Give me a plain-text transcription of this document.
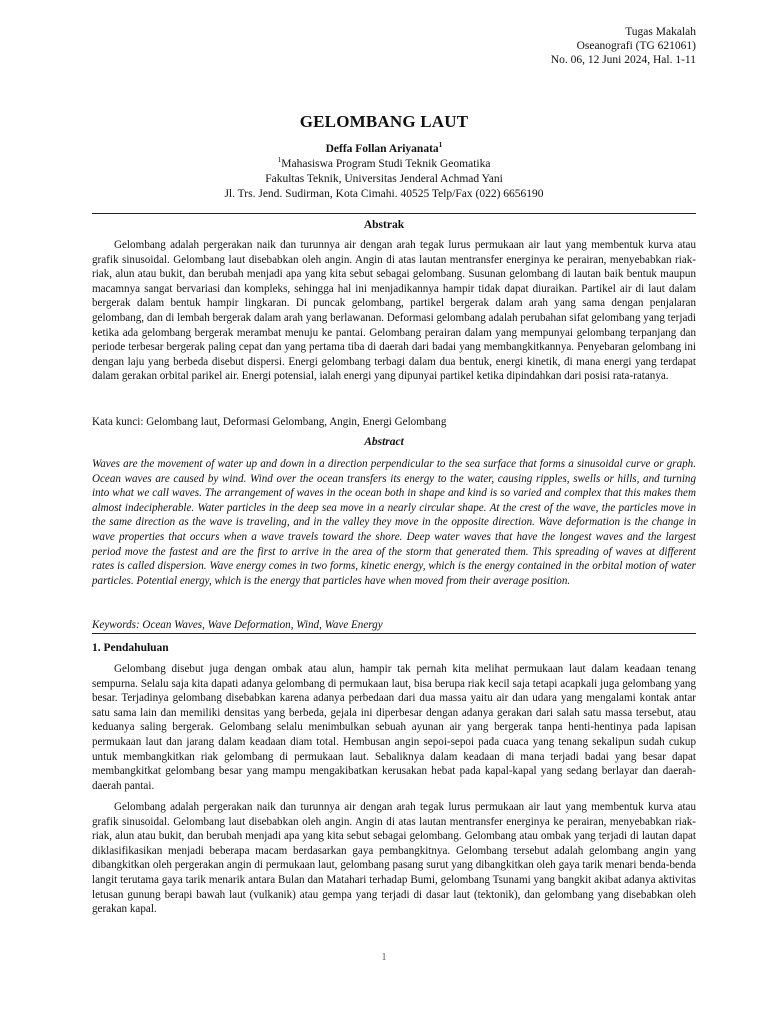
Tugas Makalah
Oseanografi (TG 621061)
No. 06, 12 Juni 2024, Hal. 1-11
GELOMBANG LAUT
Deffa Follan Ariyanata$^1$
$^1$Mahasiswa Program Studi Teknik Geomatika
Fakultas Teknik, Universitas Jenderal Achmad Yani
Jl. Trs. Jend. Sudirman, Kota Cimahi. 40525 Telp/Fax (022) 6656190
Abstrak

Gelombang adalah pergerakan naik dan turunnya air dengan arah tegak lurus permukaan air laut yang membentuk kurva atau grafik sinusoidal. Gelombang laut disebabkan oleh angin. Angin di atas lautan mentransfer energinya ke perairan, menyebabkan riak-riak, alun atau bukit, dan berubah menjadi apa yang kita sebut sebagai gelombang. Susunan gelombang di lautan baik bentuk maupun macamnya sangat bervariasi dan kompleks, sehingga hal ini menjadikannya hampir tidak dapat diuraikan. Partikel air di laut dalam bergerak dalam bentuk hampir lingkaran. Di puncak gelombang, partikel bergerak dalam arah yang sama dengan penjalaran gelombang, dan di lembah bergerak dalam arah yang berlawanan. Deformasi gelombang adalah perubahan sifat gelombang yang terjadi ketika ada gelombang bergerak merambat menuju ke pantai. Gelombang perairan dalam yang mempunyai gelombang terpanjang dan periode terbesar bergerak paling cepat dan yang pertama tiba di daerah dari badai yang membangkitkannya. Penyebaran gelombang ini dengan laju yang berbeda disebut dispersi. Energi gelombang terbagi dalam dua bentuk, energi kinetik, di mana energi yang terdapat dalam gerakan orbital parikel air. Energi potensial, ialah energi yang dipunyai partikel ketika dipindahkan dari posisi rata-ratanya.

Kata kunci: Gelombang laut, Deformasi Gelombang, Angin, Energi Gelombang
Abstract

Waves are the movement of water up and down in a direction perpendicular to the sea surface that forms a sinusoidal curve or graph. Ocean waves are caused by wind. Wind over the ocean transfers its energy to the water, causing ripples, swells or hills, and turning into what we call waves. The arrangement of waves in the ocean both in shape and kind is so varied and complex that this makes them almost indecipherable. Water particles in the deep sea move in a nearly circular shape. At the crest of the wave, the particles move in the same direction as the wave is traveling, and in the valley they move in the opposite direction. Wave deformation is the change in wave properties that occurs when a wave travels toward the shore. Deep water waves that have the longest waves and the largest period move the fastest and are the first to arrive in the area of the storm that generated them. This spreading of waves at different rates is called dispersion. Wave energy comes in two forms, kinetic energy, which is the energy contained in the orbital motion of water particles. Potential energy, which is the energy that particles have when moved from their average position.

Keywords: Ocean Waves, Wave Deformation, Wind, Wave Energy
1. Pendahuluan

Gelombang disebut juga dengan ombak atau alun, hampir tak pernah kita melihat permukaan laut dalam keadaan tenang sempurna. Selalu saja kita dapati adanya gelombang di permukaan laut, bisa berupa riak kecil saja tetapi acapkali juga gelombang yang besar. Terjadinya gelombang disebabkan karena adanya perbedaan dari dua massa yaitu air dan udara yang mengalami kontak antar satu sama lain dan memiliki densitas yang berbeda, gejala ini diperbesar dengan adanya gerakan dari salah satu massa tersebut, atau keduanya saling bergerak. Gelombang selalu menimbulkan sebuah ayunan air yang bergerak tanpa henti-hentinya pada lapisan permukaan laut dan jarang dalam keadaan diam total. Hembusan angin sepoi-sepoi pada cuaca yang tenang sekalipun sudah cukup untuk membangkitkan riak gelombang di permukaan laut. Sebaliknya dalam keadaan di mana terjadi badai yang besar dapat membangkitkat gelombang besar yang mampu mengakibatkan kerusakan hebat pada kapal-kapal yang sedang berlayar dan daerah-daerah pantai.

Gelombang adalah pergerakan naik dan turunnya air dengan arah tegak lurus permukaan air laut yang membentuk kurva atau grafik sinusoidal. Gelombang laut disebabkan oleh angin. Angin di atas lautan mentransfer energinya ke perairan, menyebabkan riak-riak, alun atau bukit, dan berubah menjadi apa yang kita sebut sebagai gelombang. Gelombang atau ombak yang terjadi di lautan dapat diklasifikasikan menjadi beberapa macam berdasarkan gaya pembangkitnya. Gelombang tersebut adalah gelombang angin yang dibangkitkan oleh pergerakan angin di permukaan laut, gelombang pasang surut yang dibangkitkan oleh gaya tarik menari benda-benda langit terutama gaya tarik menarik antara Bulan dan Matahari terhadap Bumi, gelombang Tsunami yang bangkit akibat adanya aktivitas letusan gunung berapi bawah laut (vulkanik) atau gempa yang terjadi di dasar laut (tektonik), dan gelombang yang disebabkan oleh gerakan kapal.

1
